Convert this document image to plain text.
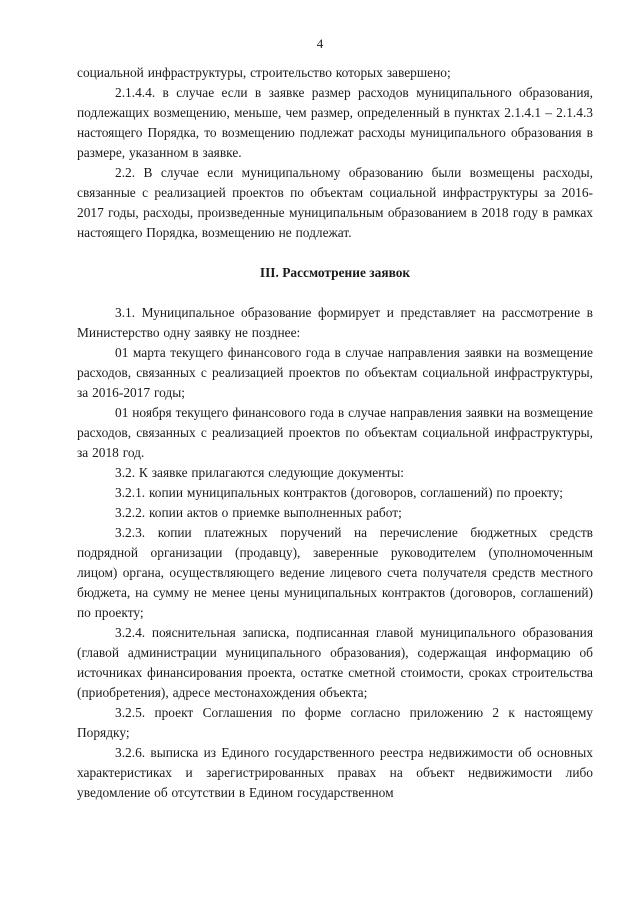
4

социальной инфраструктуры, строительство которых завершено;

2.1.4.4. в случае если в заявке размер расходов муниципального образования, подлежащих возмещению, меньше, чем размер, определенный в пунктах 2.1.4.1 – 2.1.4.3 настоящего Порядка, то возмещению подлежат расходы муниципального образования в размере, указанном в заявке.

2.2. В случае если муниципальному образованию были возмещены расходы, связанные с реализацией проектов по объектам социальной инфраструктуры за 2016-2017 годы, расходы, произведенные муниципальным образованием в 2018 году в рамках настоящего Порядка, возмещению не подлежат.

III. Рассмотрение заявок

3.1. Муниципальное образование формирует и представляет на рассмотрение в Министерство одну заявку не позднее:

01 марта текущего финансового года в случае направления заявки на возмещение расходов, связанных с реализацией проектов по объектам социальной инфраструктуры, за 2016-2017 годы;

01 ноября текущего финансового года в случае направления заявки на возмещение расходов, связанных с реализацией проектов по объектам социальной инфраструктуры, за 2018 год.

3.2. К заявке прилагаются следующие документы:

3.2.1. копии муниципальных контрактов (договоров, соглашений) по проекту;

3.2.2. копии актов о приемке выполненных работ;

3.2.3. копии платежных поручений на перечисление бюджетных средств подрядной организации (продавцу), заверенные руководителем (уполномоченным лицом) органа, осуществляющего ведение лицевого счета получателя средств местного бюджета, на сумму не менее цены муниципальных контрактов (договоров, соглашений) по проекту;

3.2.4. пояснительная записка, подписанная главой муниципального образования (главой администрации муниципального образования), содержащая информацию об источниках финансирования проекта, остатке сметной стоимости, сроках строительства (приобретения), адресе местонахождения объекта;

3.2.5. проект Соглашения по форме согласно приложению 2 к настоящему Порядку;

3.2.6. выписка из Единого государственного реестра недвижимости об основных характеристиках и зарегистрированных правах на объект недвижимости либо уведомление об отсутствии в Едином государственном
